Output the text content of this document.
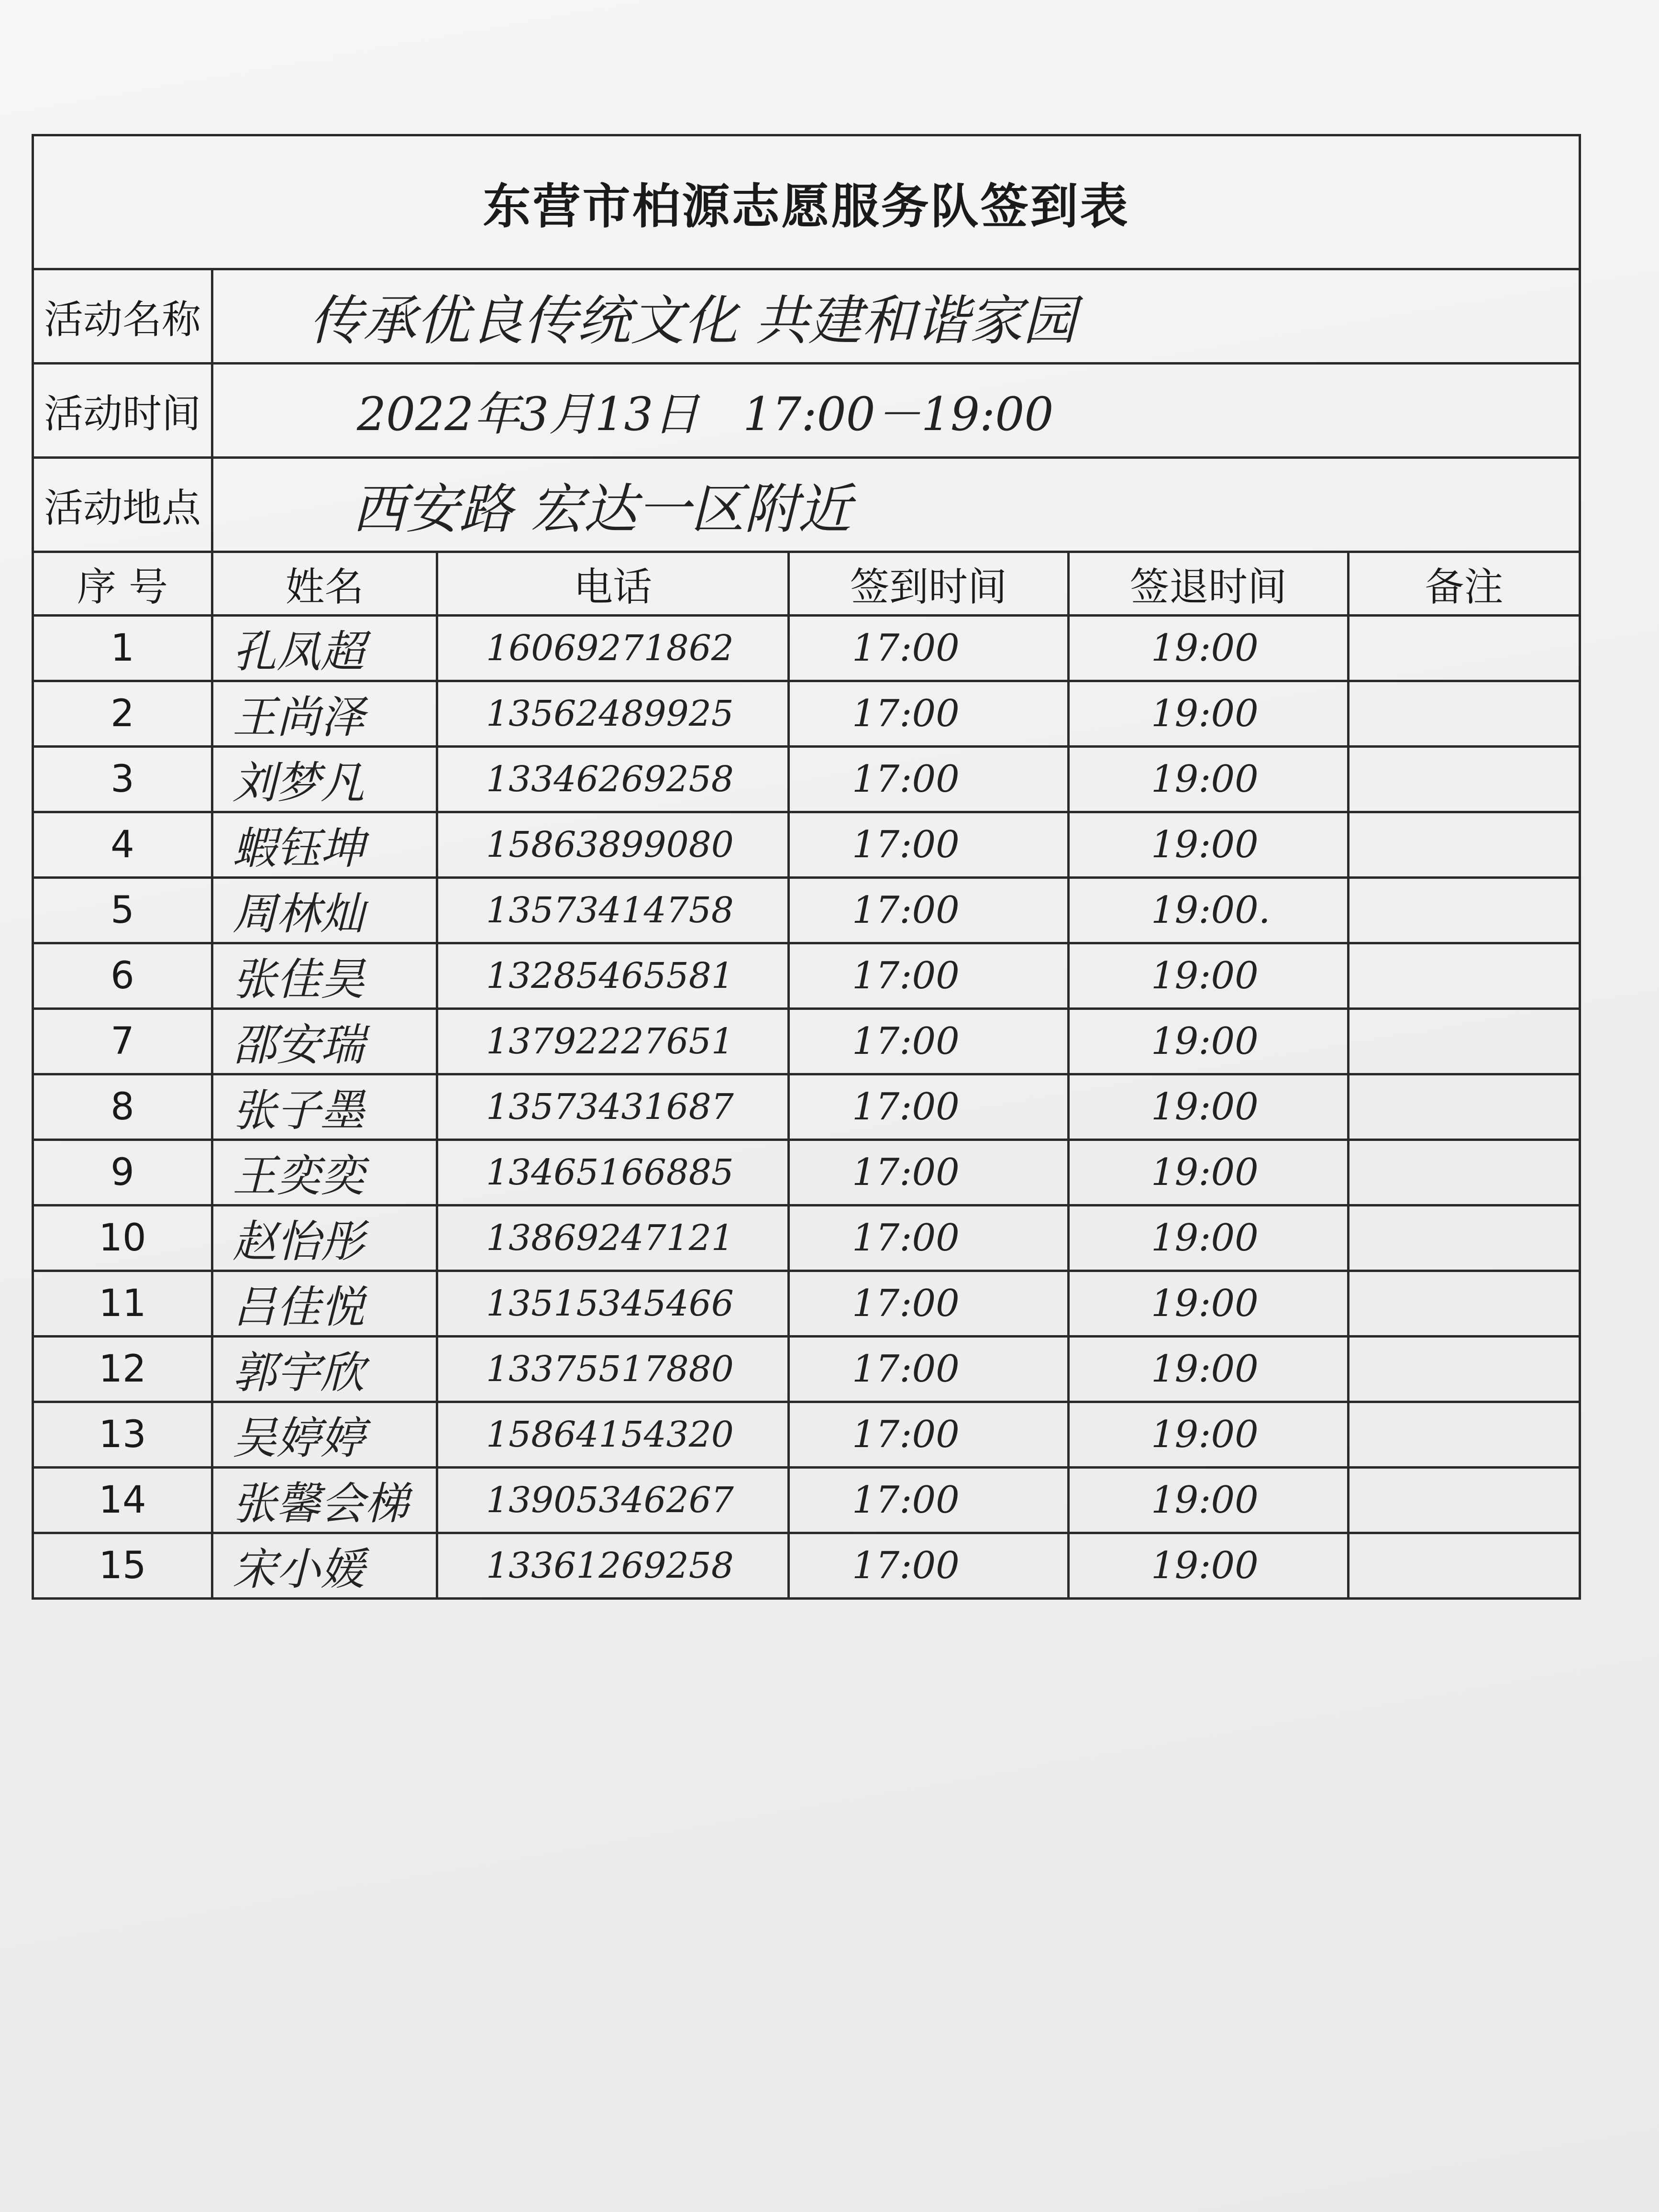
东营市柏源志愿服务队签到表					
活动名称	传承优良传统文化 共建和谐家园				
活动时间	2022年3月13日   17:00－19:00				
活动地点	西安路 宏达一区附近				
序 号	姓名	电话	签到时间	签退时间	备注
1	孔凤超	16069271862	17:00	19:00	
2	王尚泽	13562489925	17:00	19:00	
3	刘梦凡	13346269258	17:00	19:00	
4	蝦钰坤	15863899080	17:00	19:00	
5	周林灿	13573414758	17:00	19:00.	
6	张佳昊	13285465581	17:00	19:00	
7	邵安瑞	13792227651	17:00	19:00	
8	张子墨	13573431687	17:00	19:00	
9	王奕奕	13465166885	17:00	19:00	
10	赵怡彤	13869247121	17:00	19:00	
11	吕佳悦	13515345466	17:00	19:00	
12	郭宇欣	13375517880	17:00	19:00	
13	吴婷婷	15864154320	17:00	19:00	
14	张馨会梯	13905346267	17:00	19:00	
15	宋小媛	13361269258	17:00	19:00	
